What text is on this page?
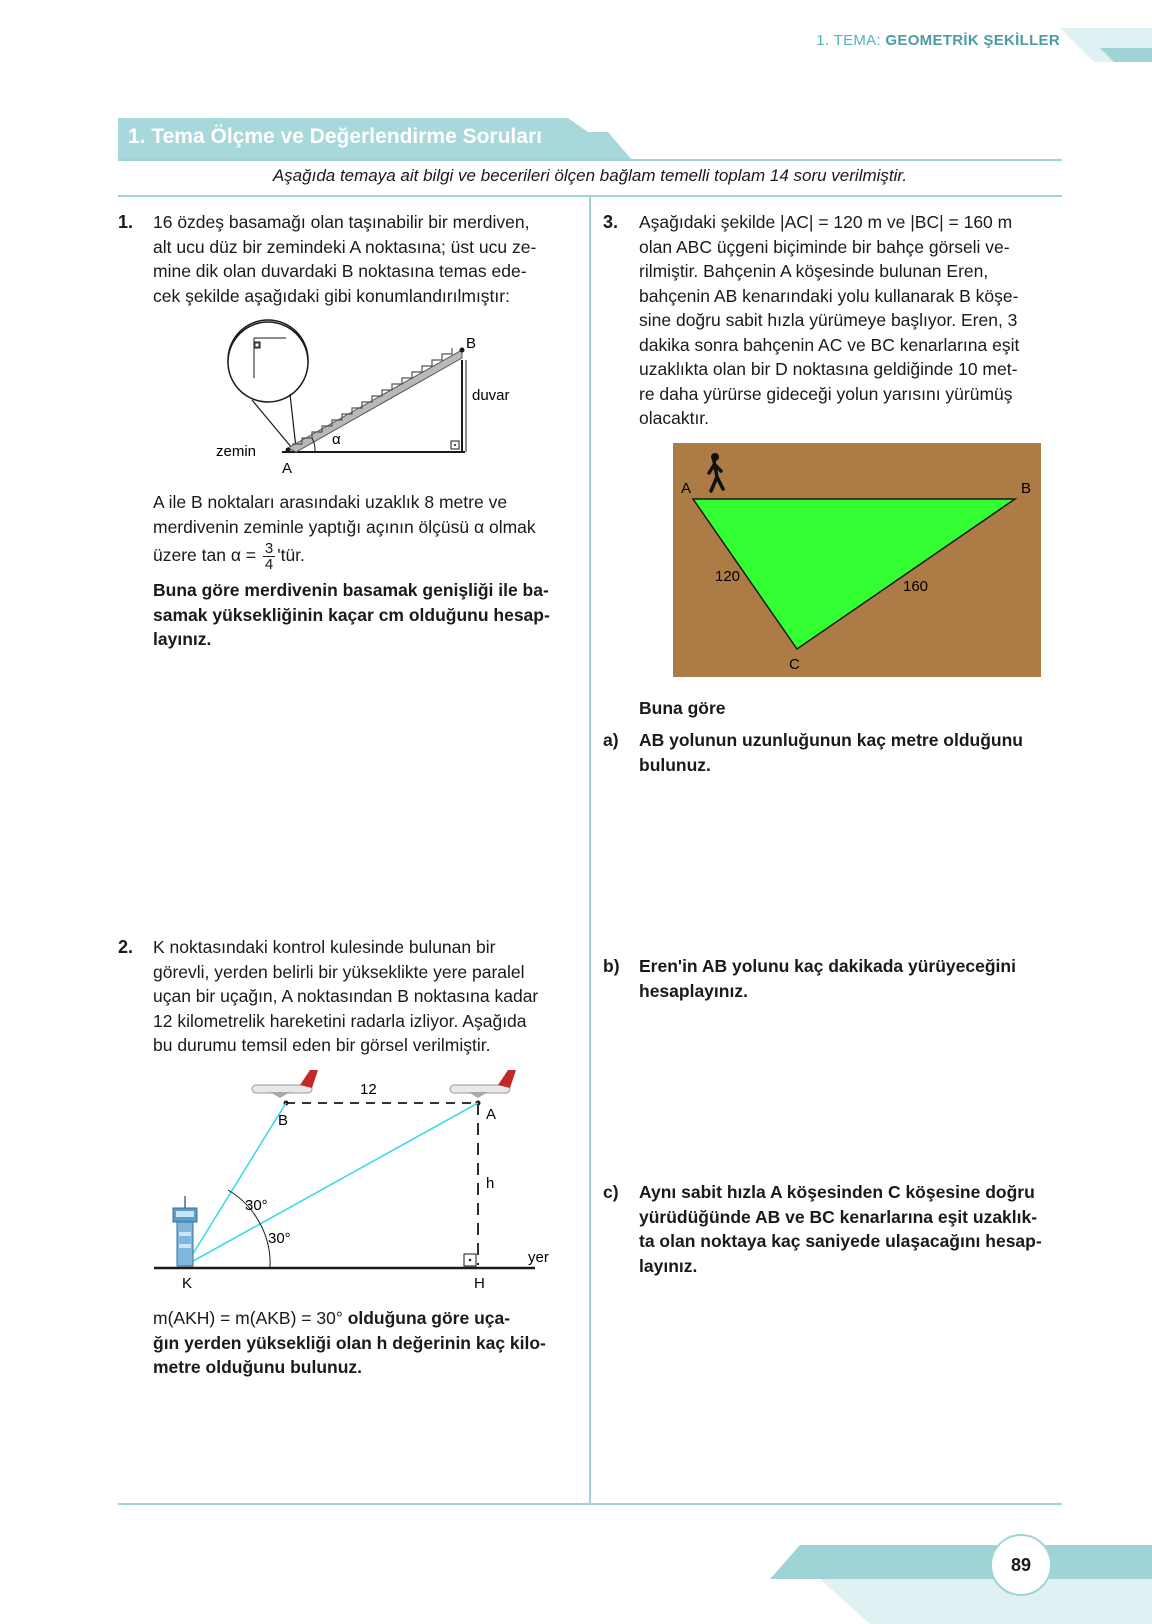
1. TEMA: GEOMETRİK ŞEKİLLER
1. Tema Ölçme ve Değerlendirme Soruları
Aşağıda temaya ait bilgi ve becerileri ölçen bağlam temelli toplam 14 soru verilmiştir.
1. 16 özdeş basamağı olan taşınabilir bir merdiven,
alt ucu düz bir zemindeki A noktasına; üst ucu ze-
mine dik olan duvardaki B noktasına temas ede-
cek şekilde aşağıdaki gibi konumlandırılmıştır:
B
duvar
α
zemin
A
A ile B noktaları arasındaki uzaklık 8 metre ve
merdivenin zeminle yaptığı açının ölçüsü α olmak
üzere $\tan \alpha = \frac{3}{4}$ 'tür.
Buna göre merdivenin basamak genişliği ile ba-
samak yüksekliğinin kaçar cm olduğunu hesap-
layınız.
2. K noktasındaki kontrol kulesinde bulunan bir
görevli, yerden belirli bir yükseklikte yere paralel
uçan bir uçağın, A noktasından B noktasına kadar
12 kilometrelik hareketini radarla izliyor. Aşağıda
bu durumu temsil eden bir görsel verilmiştir.
12
B	A
h
30°
30°
K	H
yer
m(AKH) = m(AKB) = 30° olduğuna göre uça-
ğın yerden yüksekliği olan h değerinin kaç kilo-
metre olduğunu bulunuz.
3. Aşağıdaki şekilde |AC| = 120 m ve |BC| = 160 m
olan ABC üçgeni biçiminde bir bahçe görseli ve-
rilmiştir. Bahçenin A köşesinde bulunan Eren,
bahçenin AB kenarındaki yolu kullanarak B köşe-
sine doğru sabit hızla yürümeye başlıyor. Eren, 3
dakika sonra bahçenin AC ve BC kenarlarına eşit
uzaklıkta olan bir D noktasına geldiğinde 10 met-
re daha yürürse gideceği yolun yarısını yürümüş
olacaktır.
A	B
120
160
C
Buna göre
a) AB yolunun uzunluğunun kaç metre olduğunu
bulunuz.
b) Eren'in AB yolunu kaç dakikada yürüyeceğini
hesaplayınız.
c) Aynı sabit hızla A köşesinden C köşesine doğru
yürüdüğünde AB ve BC kenarlarına eşit uzaklık-
ta olan noktaya kaç saniyede ulaşacağını hesap-
layınız.
89
